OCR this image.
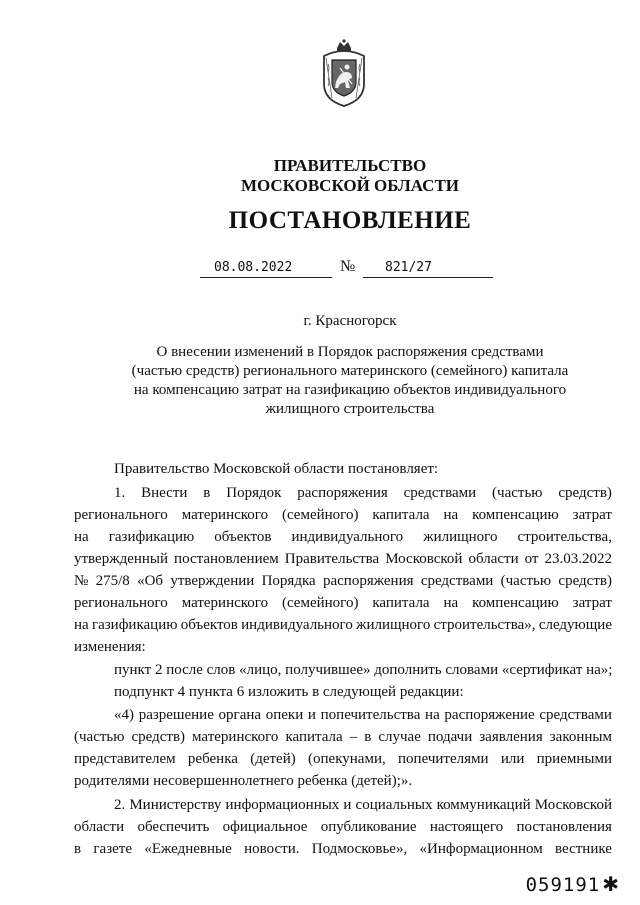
ПРАВИТЕЛЬСТВО
МОСКОВСКОЙ ОБЛАСТИ
ПОСТАНОВЛЕНИЕ
08.08.2022	№ 821/27
г. Красногорск
О внесении изменений в Порядок распоряжения средствами
(частью средств) регионального материнского (семейного) капитала
на компенсацию затрат на газификацию объектов индивидуального
жилищного строительства
Правительство Московской области постановляет:
1. Внести в Порядок распоряжения средствами (частью средств)
регионального материнского (семейного) капитала на компенсацию затрат
на газификацию объектов индивидуального жилищного строительства,
утвержденный постановлением Правительства Московской области от 23.03.2022
№ 275/8 «Об утверждении Порядка распоряжения средствами (частью средств)
регионального материнского (семейного) капитала на компенсацию затрат
на газификацию объектов индивидуального жилищного строительства», следующие
изменения:
пункт 2 после слов «лицо, получившее» дополнить словами «сертификат на»;
подпункт 4 пункта 6 изложить в следующей редакции:
«4) разрешение органа опеки и попечительства на распоряжение средствами
(частью средств) материнского капитала – в случае подачи заявления законным
представителем ребенка (детей) (опекунами, попечителями или приемными
родителями несовершеннолетнего ребенка (детей);».
2. Министерству информационных и социальных коммуникаций Московской
области обеспечить официальное опубликование настоящего постановления
в газете «Ежедневные новости. Подмосковье», «Информационном вестнике
059191 ✱
